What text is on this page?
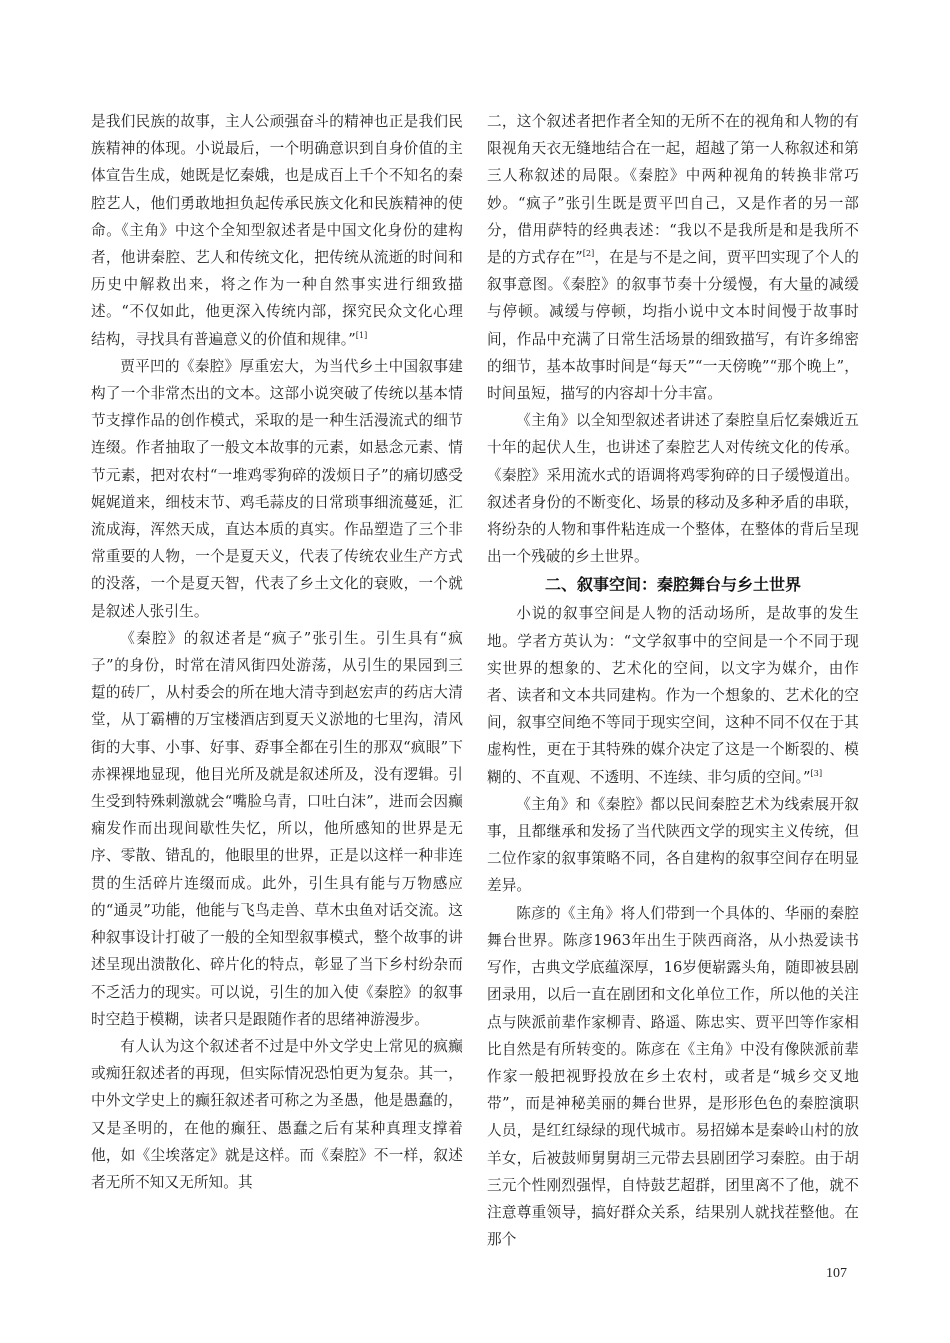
是我们民族的故事，主人公顽强奋斗的精神也正是我们民族精神的体现。小说最后，一个明确意识到自身价值的主体宣告生成，她既是忆秦娥，也是成百上千个不知名的秦腔艺人，他们勇敢地担负起传承民族文化和民族精神的使命。《主角》中这个全知型叙述者是中国文化身份的建构者，他讲秦腔、艺人和传统文化，把传统从流逝的时间和历史中解救出来，将之作为一种自然事实进行细致描述。“不仅如此，他更深入传统内部，探究民众文化心理结构，寻找具有普遍意义的价值和规律。”[1]

贾平凹的《秦腔》厚重宏大，为当代乡土中国叙事建构了一个非常杰出的文本。这部小说突破了传统以基本情节支撑作品的创作模式，采取的是一种生活漫流式的细节连缀。作者抽取了一般文本故事的元素，如悬念元素、情节元素，把对农村“一堆鸡零狗碎的泼烦日子”的痛切感受娓娓道来，细枝末节、鸡毛蒜皮的日常琐事细流蔓延，汇流成海，浑然天成，直达本质的真实。作品塑造了三个非常重要的人物，一个是夏天义，代表了传统农业生产方式的没落，一个是夏天智，代表了乡土文化的衰败，一个就是叙述人张引生。

《秦腔》的叙述者是“疯子”张引生。引生具有“疯子”的身份，时常在清风街四处游荡，从引生的果园到三踅的砖厂，从村委会的所在地大清寺到赵宏声的药店大清堂，从丁霸槽的万宝楼酒店到夏天义淤地的七里沟，清风街的大事、小事、好事、孬事全都在引生的那双“疯眼”下赤裸裸地显现，他目光所及就是叙述所及，没有逻辑。引生受到特殊刺激就会“嘴脸乌青，口吐白沫”，进而会因癫痫发作而出现间歇性失忆，所以，他所感知的世界是无序、零散、错乱的，他眼里的世界，正是以这样一种非连贯的生活碎片连缀而成。此外，引生具有能与万物感应的“通灵”功能，他能与飞鸟走兽、草木虫鱼对话交流。这种叙事设计打破了一般的全知型叙事模式，整个故事的讲述呈现出溃散化、碎片化的特点，彰显了当下乡村纷杂而不乏活力的现实。可以说，引生的加入使《秦腔》的叙事时空趋于模糊，读者只是跟随作者的思绪神游漫步。

有人认为这个叙述者不过是中外文学史上常见的疯癫或痴狂叙述者的再现，但实际情况恐怕更为复杂。其一，中外文学史上的癫狂叙述者可称之为圣愚，他是愚蠢的，又是圣明的，在他的癫狂、愚蠢之后有某种真理支撑着他，如《尘埃落定》就是这样。而《秦腔》不一样，叙述者无所不知又无所知。其

二，这个叙述者把作者全知的无所不在的视角和人物的有限视角天衣无缝地结合在一起，超越了第一人称叙述和第三人称叙述的局限。《秦腔》中两种视角的转换非常巧妙。“疯子”张引生既是贾平凹自己，又是作者的另一部分，借用萨特的经典表述：“我以不是我所是和是我所不是的方式存在”[2]，在是与不是之间，贾平凹实现了个人的叙事意图。《秦腔》的叙事节奏十分缓慢，有大量的减缓与停顿。减缓与停顿，均指小说中文本时间慢于故事时间，作品中充满了日常生活场景的细致描写，有许多绵密的细节，基本故事时间是“每天”“一天傍晚”“那个晚上”，时间虽短，描写的内容却十分丰富。

《主角》以全知型叙述者讲述了秦腔皇后忆秦娥近五十年的起伏人生，也讲述了秦腔艺人对传统文化的传承。《秦腔》采用流水式的语调将鸡零狗碎的日子缓慢道出。叙述者身份的不断变化、场景的移动及多种矛盾的串联，将纷杂的人物和事件粘连成一个整体，在整体的背后呈现出一个残破的乡土世界。

二、叙事空间：秦腔舞台与乡土世界

小说的叙事空间是人物的活动场所，是故事的发生地。学者方英认为：“文学叙事中的空间是一个不同于现实世界的想象的、艺术化的空间，以文字为媒介，由作者、读者和文本共同建构。作为一个想象的、艺术化的空间，叙事空间绝不等同于现实空间，这种不同不仅在于其虚构性，更在于其特殊的媒介决定了这是一个断裂的、模糊的、不直观、不透明、不连续、非匀质的空间。”[3]

《主角》和《秦腔》都以民间秦腔艺术为线索展开叙事，且都继承和发扬了当代陕西文学的现实主义传统，但二位作家的叙事策略不同，各自建构的叙事空间存在明显差异。

陈彦的《主角》将人们带到一个具体的、华丽的秦腔舞台世界。陈彦1963年出生于陕西商洛，从小热爱读书写作，古典文学底蕴深厚，16岁便崭露头角，随即被县剧团录用，以后一直在剧团和文化单位工作，所以他的关注点与陕派前辈作家柳青、路遥、陈忠实、贾平凹等作家相比自然是有所转变的。陈彦在《主角》中没有像陕派前辈作家一般把视野投放在乡土农村，或者是“城乡交叉地带”，而是神秘美丽的舞台世界，是形形色色的秦腔演职人员，是红红绿绿的现代城市。易招娣本是秦岭山村的放羊女，后被鼓师舅舅胡三元带去县剧团学习秦腔。由于胡三元个性刚烈强悍，自恃鼓艺超群，团里离不了他，就不注意尊重领导，搞好群众关系，结果别人就找茬整他。在那个

107
